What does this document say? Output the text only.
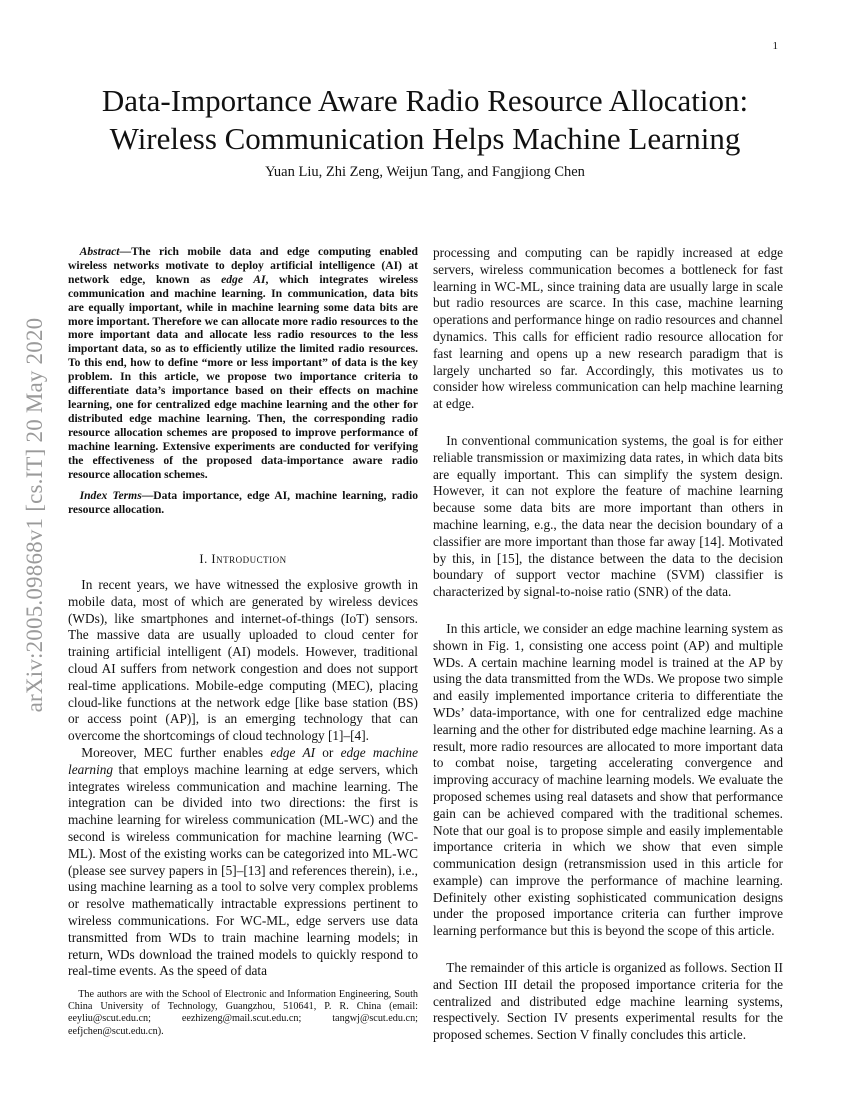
1
arXiv:2005.09868v1 [cs.IT] 20 May 2020
Data-Importance Aware Radio Resource Allocation:
Wireless Communication Helps Machine Learning
Yuan Liu, Zhi Zeng, Weijun Tang, and Fangjiong Chen

Abstract—The rich mobile data and edge computing enabled wireless networks motivate to deploy artificial intelligence (AI) at network edge, known as edge AI, which integrates wireless communication and machine learning. In communication, data bits are equally important, while in machine learning some data bits are more important. Therefore we can allocate more radio resources to the more important data and allocate less radio resources to the less important data, so as to efficiently utilize the limited radio resources. To this end, how to define “more or less important” of data is the key problem. In this article, we propose two importance criteria to differentiate data’s importance based on their effects on machine learning, one for centralized edge machine learning and the other for distributed edge machine learning. Then, the corresponding radio resource allocation schemes are proposed to improve performance of machine learning. Extensive experiments are conducted for verifying the effectiveness of the proposed data-importance aware radio resource allocation schemes.

Index Terms—Data importance, edge AI, machine learning, radio resource allocation.

I. Introduction

In recent years, we have witnessed the explosive growth in mobile data, most of which are generated by wireless devices (WDs), like smartphones and internet-of-things (IoT) sensors. The massive data are usually uploaded to cloud center for training artificial intelligent (AI) models. However, traditional cloud AI suffers from network congestion and does not support real-time applications. Mobile-edge computing (MEC), placing cloud-like functions at the network edge [like base station (BS) or access point (AP)], is an emerging technology that can overcome the shortcomings of cloud technology [1]–[4].

Moreover, MEC further enables edge AI or edge machine learning that employs machine learning at edge servers, which integrates wireless communication and machine learning. The integration can be divided into two directions: the first is machine learning for wireless communication (ML-WC) and the second is wireless communication for machine learning (WC-ML). Most of the existing works can be categorized into ML-WC (please see survey papers in [5]–[13] and references therein), i.e., using machine learning as a tool to solve very complex problems or resolve mathematically intractable expressions pertinent to wireless communications. For WC-ML, edge servers use data transmitted from WDs to train machine learning models; in return, WDs download the trained models to quickly respond to real-time events. As the speed of data

processing and computing can be rapidly increased at edge servers, wireless communication becomes a bottleneck for fast learning in WC-ML, since training data are usually large in scale but radio resources are scarce. In this case, machine learning operations and performance hinge on radio resources and channel dynamics. This calls for efficient radio resource allocation for fast learning and opens up a new research paradigm that is largely uncharted so far. Accordingly, this motivates us to consider how wireless communication can help machine learning at edge.

In conventional communication systems, the goal is for either reliable transmission or maximizing data rates, in which data bits are equally important. This can simplify the system design. However, it can not explore the feature of machine learning because some data bits are more important than others in machine learning, e.g., the data near the decision boundary of a classifier are more important than those far away [14]. Motivated by this, in [15], the distance between the data to the decision boundary of support vector machine (SVM) classifier is characterized by signal-to-noise ratio (SNR) of the data.

In this article, we consider an edge machine learning system as shown in Fig. 1, consisting one access point (AP) and multiple WDs. A certain machine learning model is trained at the AP by using the data transmitted from the WDs. We propose two simple and easily implemented importance criteria to differentiate the WDs’ data-importance, with one for centralized edge machine learning and the other for distributed edge machine learning. As a result, more radio resources are allocated to more important data to combat noise, targeting accelerating convergence and improving accuracy of machine learning models. We evaluate the proposed schemes using real datasets and show that performance gain can be achieved compared with the traditional schemes. Note that our goal is to propose simple and easily implementable importance criteria in which we show that even simple communication design (retransmission used in this article for example) can improve the performance of machine learning. Definitely other existing sophisticated communication designs under the proposed importance criteria can further improve learning performance but this is beyond the scope of this article.

The remainder of this article is organized as follows. Section II and Section III detail the proposed importance criteria for the centralized and distributed edge machine learning systems, respectively. Section IV presents experimental results for the proposed schemes. Section V finally concludes this article.

The authors are with the School of Electronic and Information Engineering, South China University of Technology, Guangzhou, 510641, P. R. China (email: eeyliu@scut.edu.cn; eezhizeng@mail.scut.edu.cn; tangwj@scut.edu.cn; eefjchen@scut.edu.cn).
